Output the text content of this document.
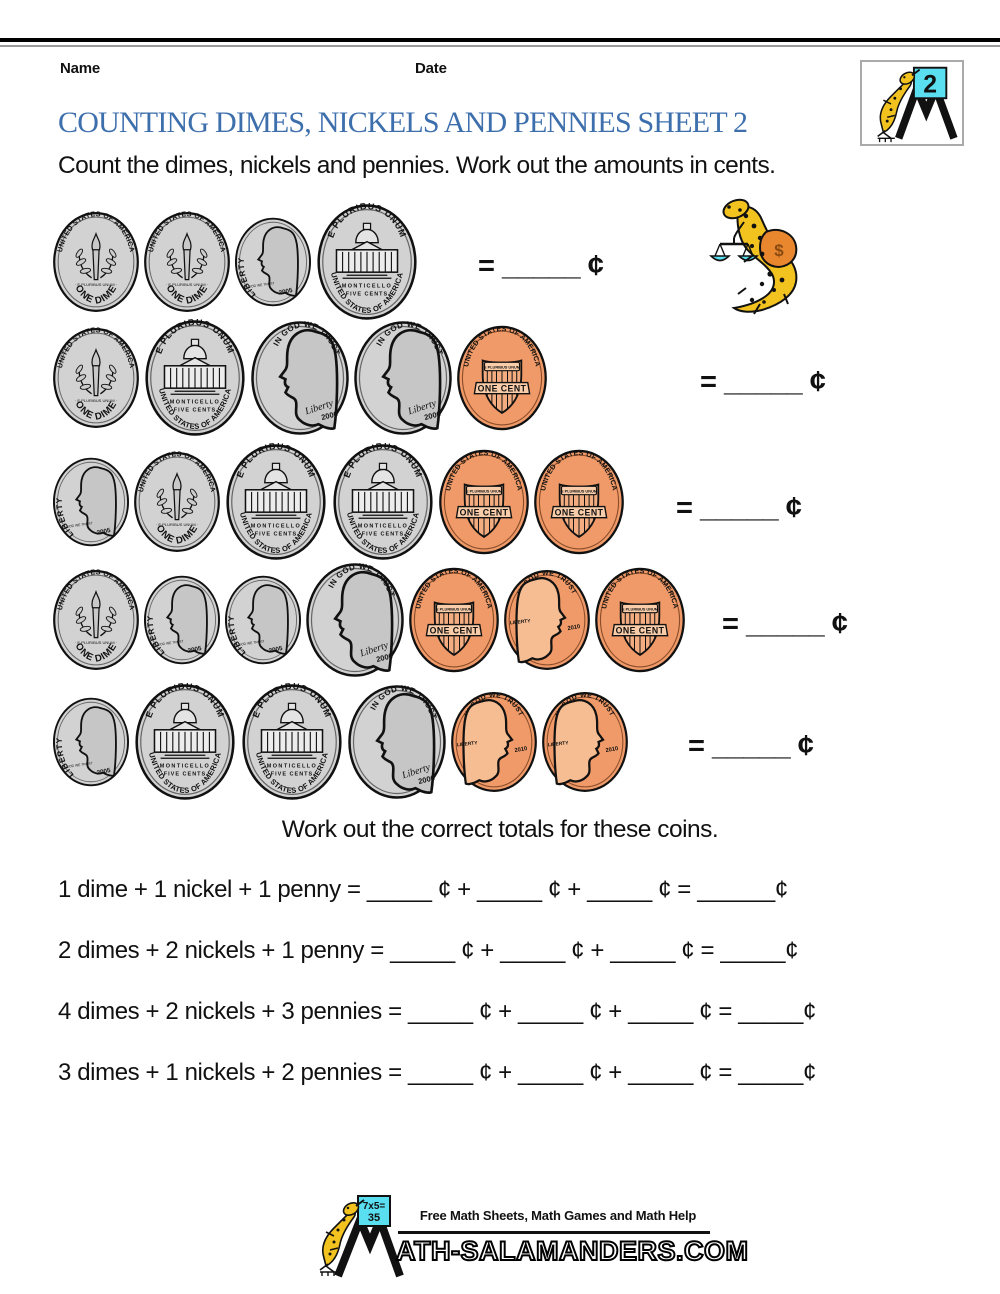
Name	Date
2
COUNTING DIMES, NICKELS AND PENNIES SHEET 2
Count the dimes, nickels and pennies. Work out the amounts in cents.
= _____ ¢
= _____ ¢
= _____ ¢
= _____ ¢
= _____ ¢
$
Work out the correct totals for these coins.
1 dime + 1 nickel + 1 penny = _____ ¢ + _____ ¢ + _____ ¢ = ______¢
2 dimes + 2 nickels + 1 penny = _____ ¢ + _____ ¢ + _____ ¢ = _____¢
4 dimes + 2 nickels + 3 pennies = _____ ¢ + _____ ¢ + _____ ¢ = _____¢
3 dimes + 1 nickels + 2 pennies = _____ ¢ + _____ ¢ + _____ ¢ = _____¢
7x5=
35	Free Math Sheets, Math Games and Math Help
ATH-SALAMANDERS.COM
